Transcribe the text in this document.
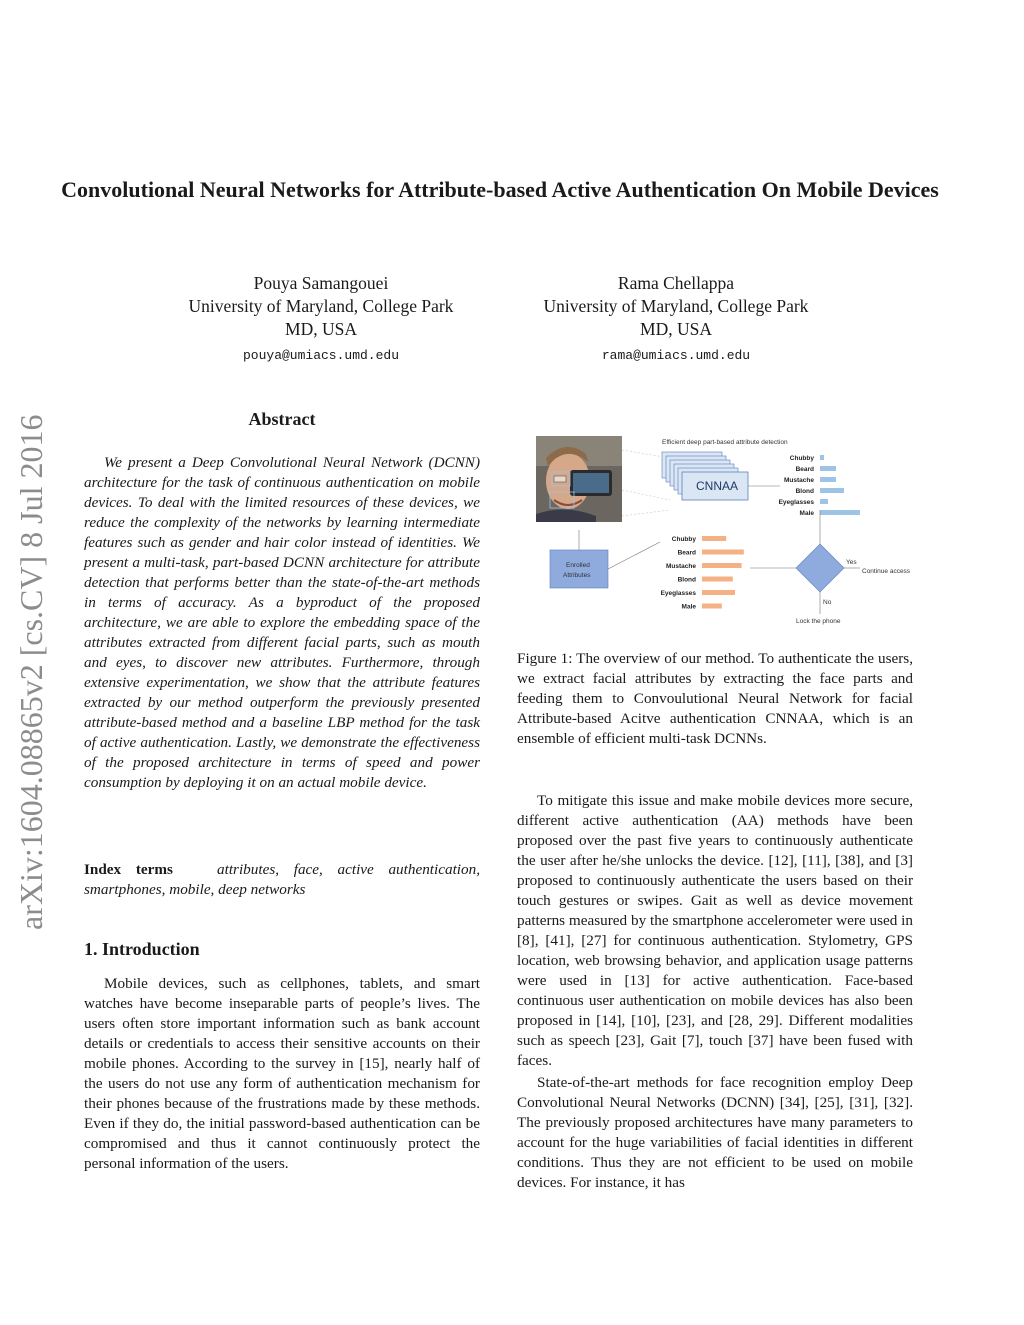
Convolutional Neural Networks for Attribute-based Active Authentication On Mobile Devices
Pouya Samangouei
University of Maryland, College Park
MD, USA
pouya@umiacs.umd.edu
Rama Chellappa
University of Maryland, College Park
MD, USA
rama@umiacs.umd.edu
arXiv:1604.08865v2 [cs.CV] 8 Jul 2016	Abstract
We present a Deep Convolutional Neural Network (DCNN) architecture for the task of continuous authentication on mobile devices. To deal with the limited resources of these devices, we reduce the complexity of the networks by learning intermediate features such as gender and hair color instead of identities. We present a multi-task, part-based DCNN architecture for attribute detection that performs better than the state-of-the-art methods in terms of accuracy. As a byproduct of the proposed architecture, we are able to explore the embedding space of the attributes extracted from different facial parts, such as mouth and eyes, to discover new attributes. Furthermore, through extensive experimentation, we show that the attribute features extracted by our method outperform the previously presented attribute-based method and a baseline LBP method for the task of active authentication. Lastly, we demonstrate the effectiveness of the proposed architecture in terms of speed and power consumption by deploying it on an actual mobile device.
Index terms	attributes, face, active authentication, smartphones, mobile, deep networks
1. Introduction
Mobile devices, such as cellphones, tablets, and smart watches have become inseparable parts of people’s lives. The users often store important information such as bank account details or credentials to access their sensitive accounts on their mobile phones. According to the survey in [15], nearly half of the users do not use any form of authentication mechanism for their phones because of the frustrations made by these methods. Even if they do, the initial password-based authentication can be compromised and thus it cannot continuously protect the personal information of the users.
Efficient deep part-based attribute detection
CNNAA
Chubby
Beard
Mustache
Blond
Eyeglasses
Male
Chubby
Beard
Mustache
Blond
Eyeglasses
Male
Enrolled
Attributes
Yes
Continue access
No
Lock the phone
Figure 1: The overview of our method. To authenticate the users, we extract facial attributes by extracting the face parts and feeding them to Convoulutional Neural Network for facial Attribute-based Acitve authentication CNNAA, which is an ensemble of efficient multi-task DCNNs.

To mitigate this issue and make mobile devices more secure, different active authentication (AA) methods have been proposed over the past five years to continuously authenticate the user after he/she unlocks the device. [12], [11], [38], and [3] proposed to continuously authenticate the users based on their touch gestures or swipes. Gait as well as device movement patterns measured by the smartphone accelerometer were used in [8], [41], [27] for continuous authentication. Stylometry, GPS location, web browsing behavior, and application usage patterns were used in [13] for active authentication. Face-based continuous user authentication on mobile devices has also been proposed in [14], [10], [23], and [28, 29]. Different modalities such as speech [23], Gait [7], touch [37] have been fused with faces.

State-of-the-art methods for face recognition employ Deep Convolutional Neural Networks (DCNN) [34], [25], [31], [32]. The previously proposed architectures have many parameters to account for the huge variabilities of facial identities in different conditions. Thus they are not efficient to be used on mobile devices. For instance, it has
